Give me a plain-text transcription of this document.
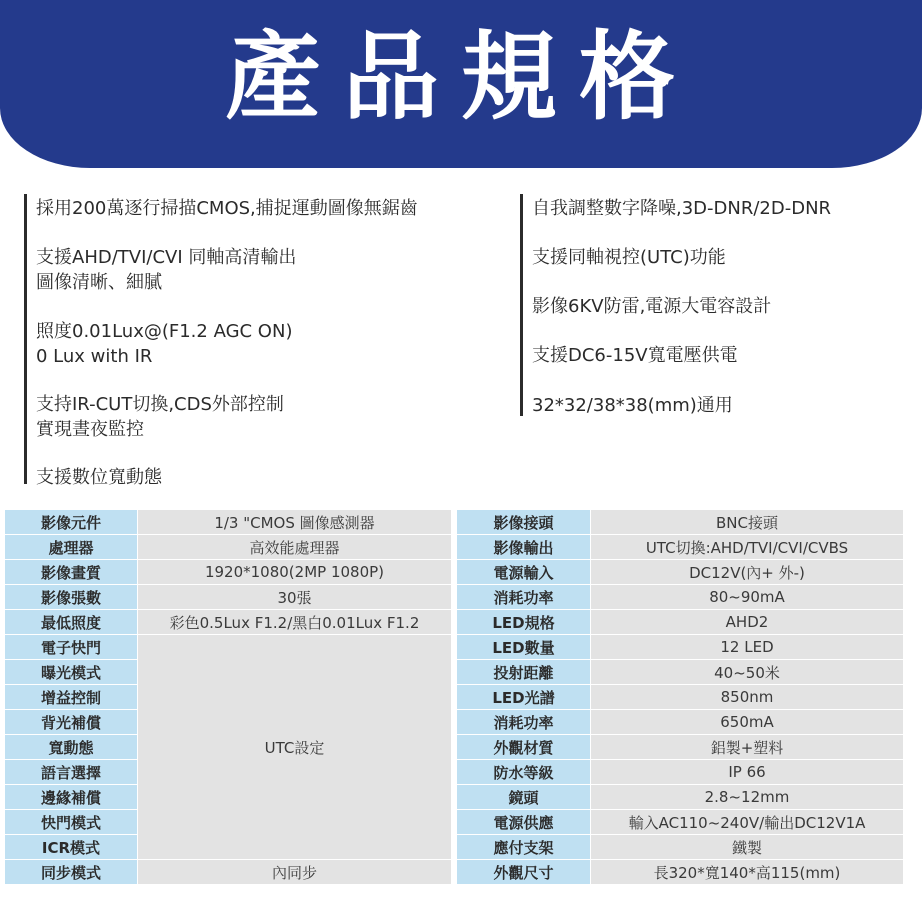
產品規格
採用200萬逐行掃描CMOS,捕捉運動圖像無鋸齒
支援AHD/TVI/CVI 同軸高清輸出
圖像清晰、細膩
照度0.01Lux@(F1.2 AGC ON)
0 Lux with IR
支持IR-CUT切換,CDS外部控制
實現晝夜監控
支援數位寬動態
自我調整數字降噪,3D-DNR/2D-DNR
支援同軸視控(UTC)功能
影像6KV防雷,電源大電容設計
支援DC6-15V寬電壓供電
32*32/38*38(mm)通用
影像元件	1/3 "CMOS 圖像感測器
處理器	高效能處理器
影像畫質	1920*1080(2MP 1080P)
影像張數	30張
最低照度	彩色0.5Lux F1.2/黑白0.01Lux F1.2
電子快門	UTC設定
曝光模式	
增益控制	
背光補償	
寬動態	
語言選擇	
邊緣補償	
快門模式	
ICR模式	
同步模式	內同步
影像接頭	BNC接頭
影像輸出	UTC切換:AHD/TVI/CVI/CVBS
電源輸入	DC12V(內+ 外-)
消耗功率	80~90mA
LED規格	AHD2
LED數量	12 LED
投射距離	40~50米
LED光譜	850nm
消耗功率	650mA
外觀材質	鋁製+塑料
防水等級	IP 66
鏡頭	2.8~12mm
電源供應	輸入AC110~240V/輸出DC12V1A
應付支架	鐵製
外觀尺寸	長320*寬140*高115(mm)
